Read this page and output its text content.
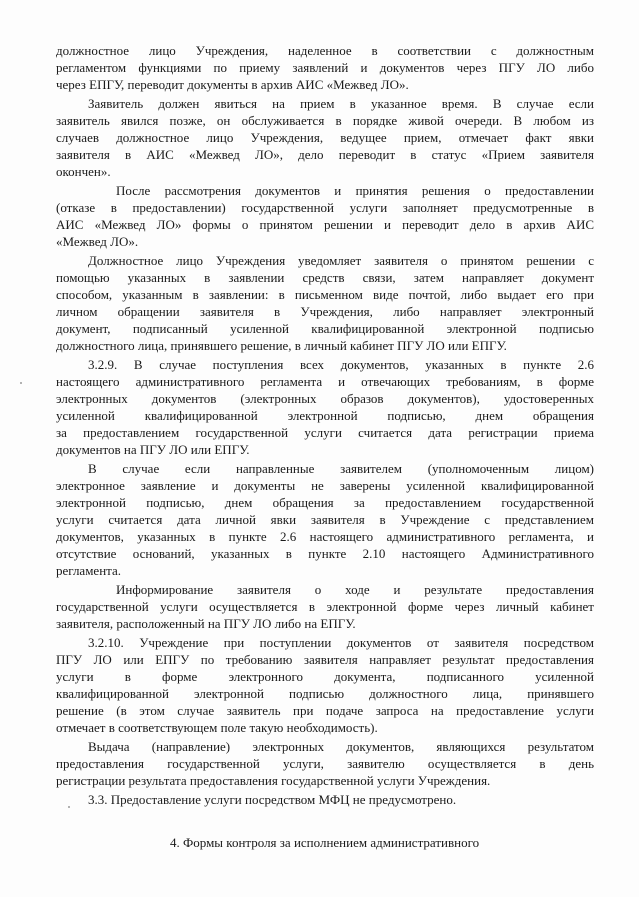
должностное лицо Учреждения, наделенное в соответствии с должностным
регламентом функциями по приему заявлений и документов через ПГУ ЛО либо
через ЕПГУ, переводит документы в архив АИС «Межвед ЛО».
Заявитель должен явиться на прием в указанное время. В случае если
заявитель явился позже, он обслуживается в порядке живой очереди. В любом из
случаев должностное лицо Учреждения, ведущее прием, отмечает факт явки
заявителя в АИС «Межвед ЛО», дело переводит в статус «Прием заявителя
окончен».
После рассмотрения документов и принятия решения о предоставлении
(отказе в предоставлении) государственной услуги заполняет предусмотренные в
АИС «Межвед ЛО» формы о принятом решении и переводит дело в архив АИС
«Межвед ЛО».
Должностное лицо Учреждения уведомляет заявителя о принятом решении с
помощью указанных в заявлении средств связи, затем направляет документ
способом, указанным в заявлении: в письменном виде почтой, либо выдает его при
личном обращении заявителя в Учреждения, либо направляет электронный
документ, подписанный усиленной квалифицированной электронной подписью
должностного лица, принявшего решение, в личный кабинет ПГУ ЛО или ЕПГУ.
3.2.9. В случае поступления всех документов, указанных в пункте 2.6
настоящего административного регламента и отвечающих требованиям, в форме
электронных документов (электронных образов документов), удостоверенных
усиленной квалифицированной электронной подписью, днем обращения
за предоставлением государственной услуги считается дата регистрации приема
документов на ПГУ ЛО или ЕПГУ.
В случае если направленные заявителем (уполномоченным лицом)
электронное заявление и документы не заверены усиленной квалифицированной
электронной подписью, днем обращения за предоставлением государственной
услуги считается дата личной явки заявителя в Учреждение с представлением
документов, указанных в пункте 2.6 настоящего административного регламента, и
отсутствие оснований, указанных в пункте 2.10 настоящего Административного
регламента.
Информирование заявителя о ходе и результате предоставления
государственной услуги осуществляется в электронной форме через личный кабинет
заявителя, расположенный на ПГУ ЛО либо на ЕПГУ.
3.2.10. Учреждение при поступлении документов от заявителя посредством
ПГУ ЛО или ЕПГУ по требованию заявителя направляет результат предоставления
услуги в форме электронного документа, подписанного усиленной
квалифицированной электронной подписью должностного лица, принявшего
решение (в этом случае заявитель при подаче запроса на предоставление услуги
отмечает в соответствующем поле такую необходимость).
Выдача (направление) электронных документов, являющихся результатом
предоставления государственной услуги, заявителю осуществляется в день
регистрации результата предоставления государственной услуги Учреждения.
3.3. Предоставление услуги посредством МФЦ не предусмотрено.
4. Формы контроля за исполнением административного
